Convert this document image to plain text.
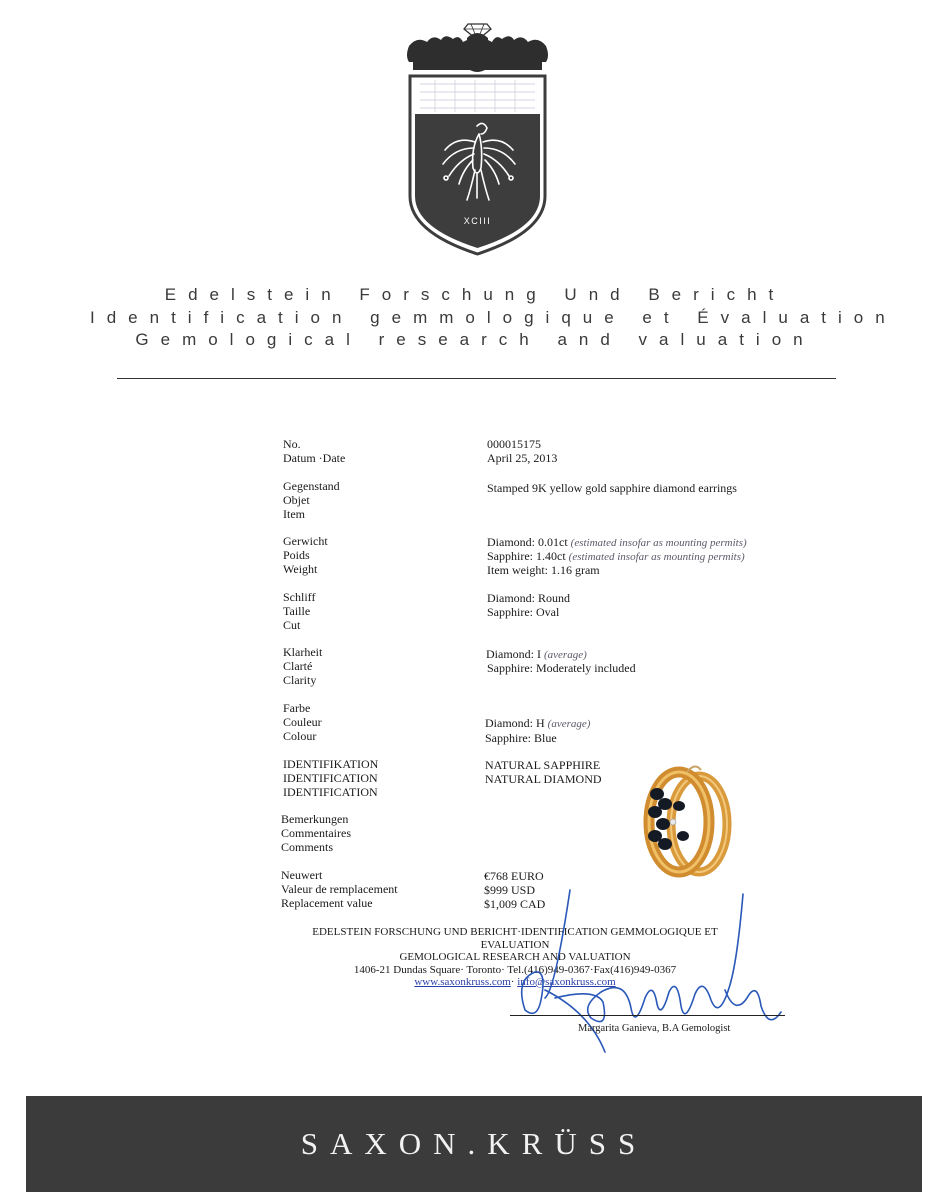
XCIII
Edelstein Forschung Und Bericht
Identification gemmologique et Évaluation
Gemological research and valuation
No.	000015175
Datum ·Date	April 25, 2013
Gegenstand
Objet
Item
Stamped 9K yellow gold sapphire diamond earrings
Gerwicht
Poids
Weight
Diamond: 0.01ct (estimated insofar as mounting permits)
Sapphire: 1.40ct (estimated insofar as mounting permits)
Item weight: 1.16 gram
Schliff
Taille
Cut
Diamond: Round
Sapphire: Oval
Klarheit
Clarté
Clarity
Diamond: I (average)
Sapphire: Moderately included
Farbe
Couleur
Colour
Diamond: H (average)
Sapphire: Blue
IDENTIFIKATION
IDENTIFICATION
IDENTIFICATION
NATURAL SAPPHIRE
NATURAL DIAMOND
Bemerkungen
Commentaires
Comments
Neuwert
Valeur de remplacement
Replacement value
€768 EURO
$999 USD
$1,009 CAD
EDELSTEIN FORSCHUNG UND BERICHT·IDENTIFICATION GEMMOLOGIQUE ET EVALUATION
GEMOLOGICAL RESEARCH AND VALUATION
1406-21 Dundas Square· Toronto· Tel.(416)949-0367·Fax(416)949-0367
www.saxonkruss.com· info@saxonkruss.com
Margarita Ganieva, B.A Gemologist
SAXON.KRÜSS
